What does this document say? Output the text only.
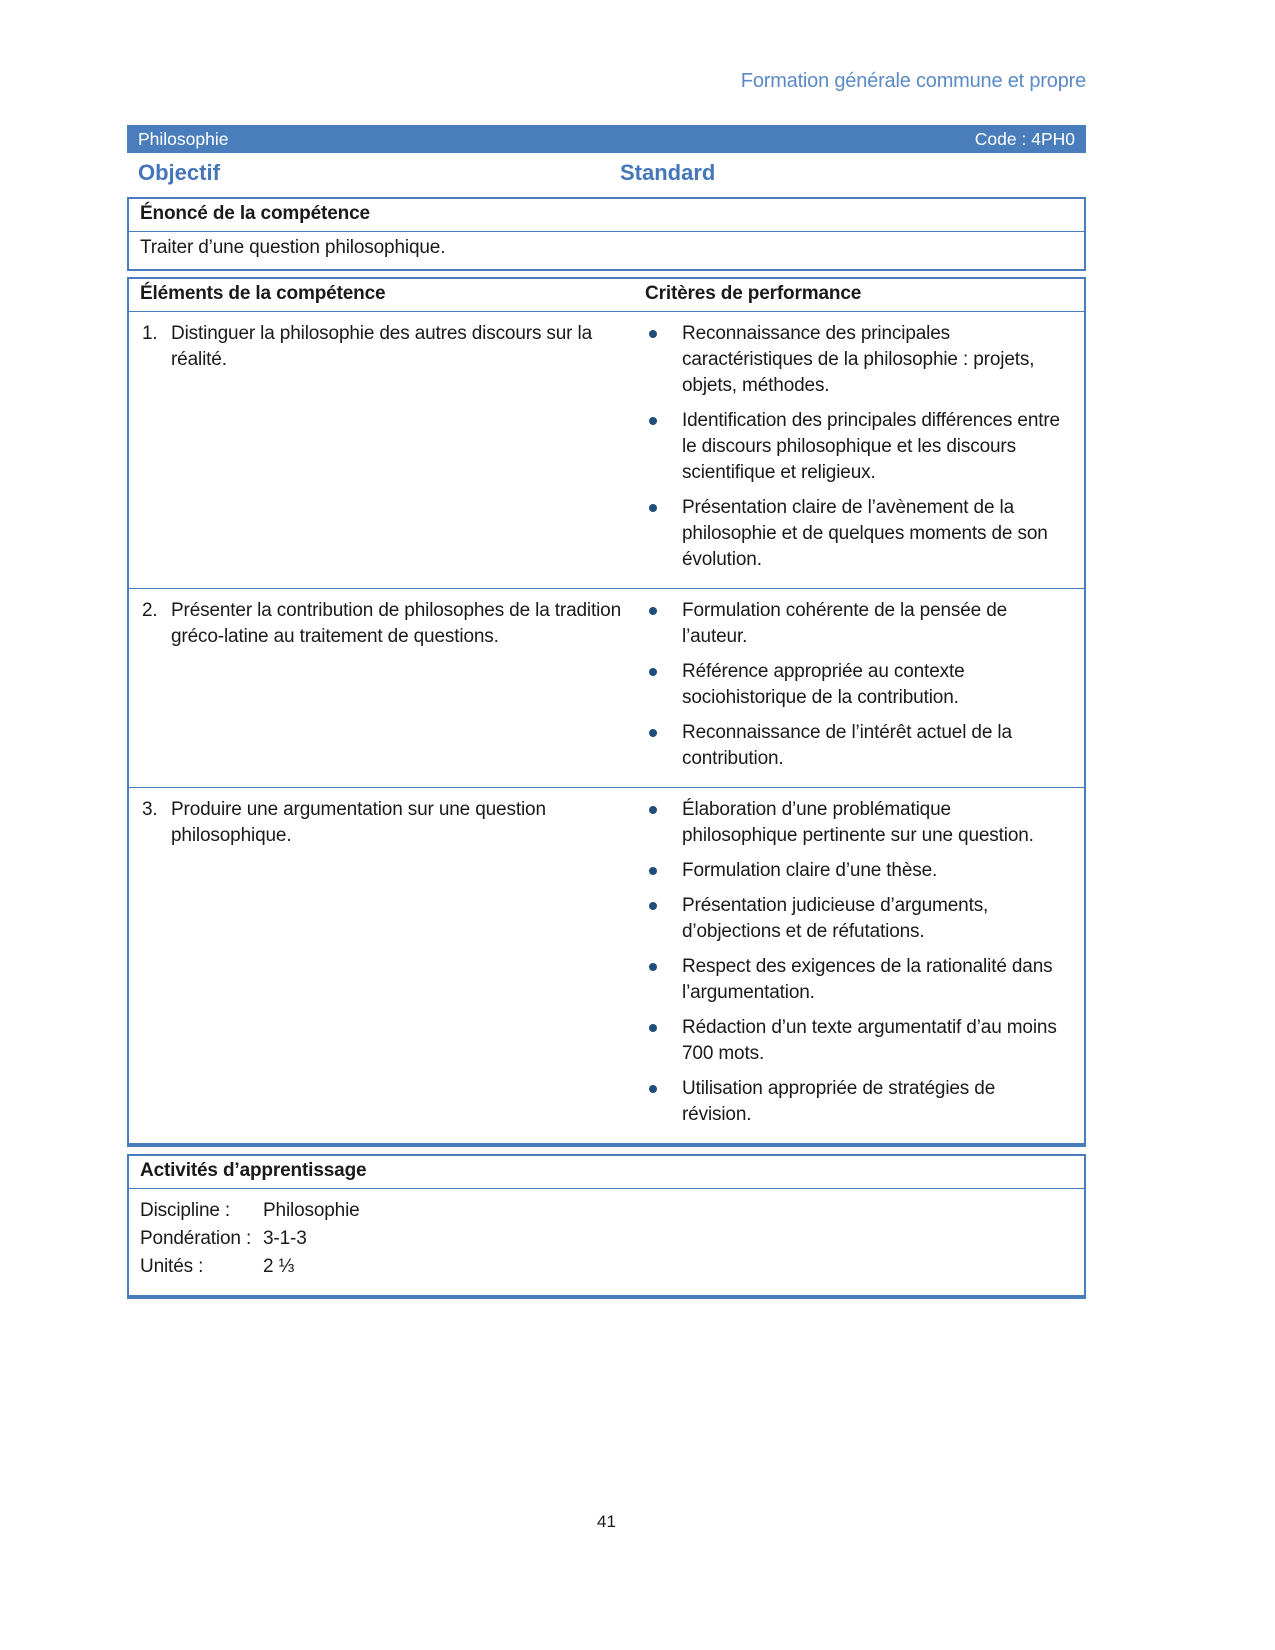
Formation générale commune et propre
Philosophie	Code : 4PH0
Objectif	Standard
Énoncé de la compétence
Traiter d’une question philosophique.
Éléments de la compétence	Critères de performance
1. Distinguer la philosophie des autres discours sur la réalité.
Reconnaissance des principales caractéristiques de la philosophie : projets, objets, méthodes.
Identification des principales différences entre le discours philosophique et les discours scientifique et religieux.
Présentation claire de l’avènement de la philosophie et de quelques moments de son évolution.
2. Présenter la contribution de philosophes de la tradition gréco-latine au traitement de questions.
Formulation cohérente de la pensée de l’auteur.
Référence appropriée au contexte sociohistorique de la contribution.
Reconnaissance de l’intérêt actuel de la contribution.
3. Produire une argumentation sur une question philosophique.
Élaboration d’une problématique philosophique pertinente sur une question.
Formulation claire d’une thèse.
Présentation judicieuse d’arguments, d’objections et de réfutations.
Respect des exigences de la rationalité dans l’argumentation.
Rédaction d’un texte argumentatif d’au moins 700 mots.
Utilisation appropriée de stratégies de révision.
Activités d’apprentissage
Discipline : Philosophie
Pondération : 3-1-3
Unités :	2 ⅓
41
